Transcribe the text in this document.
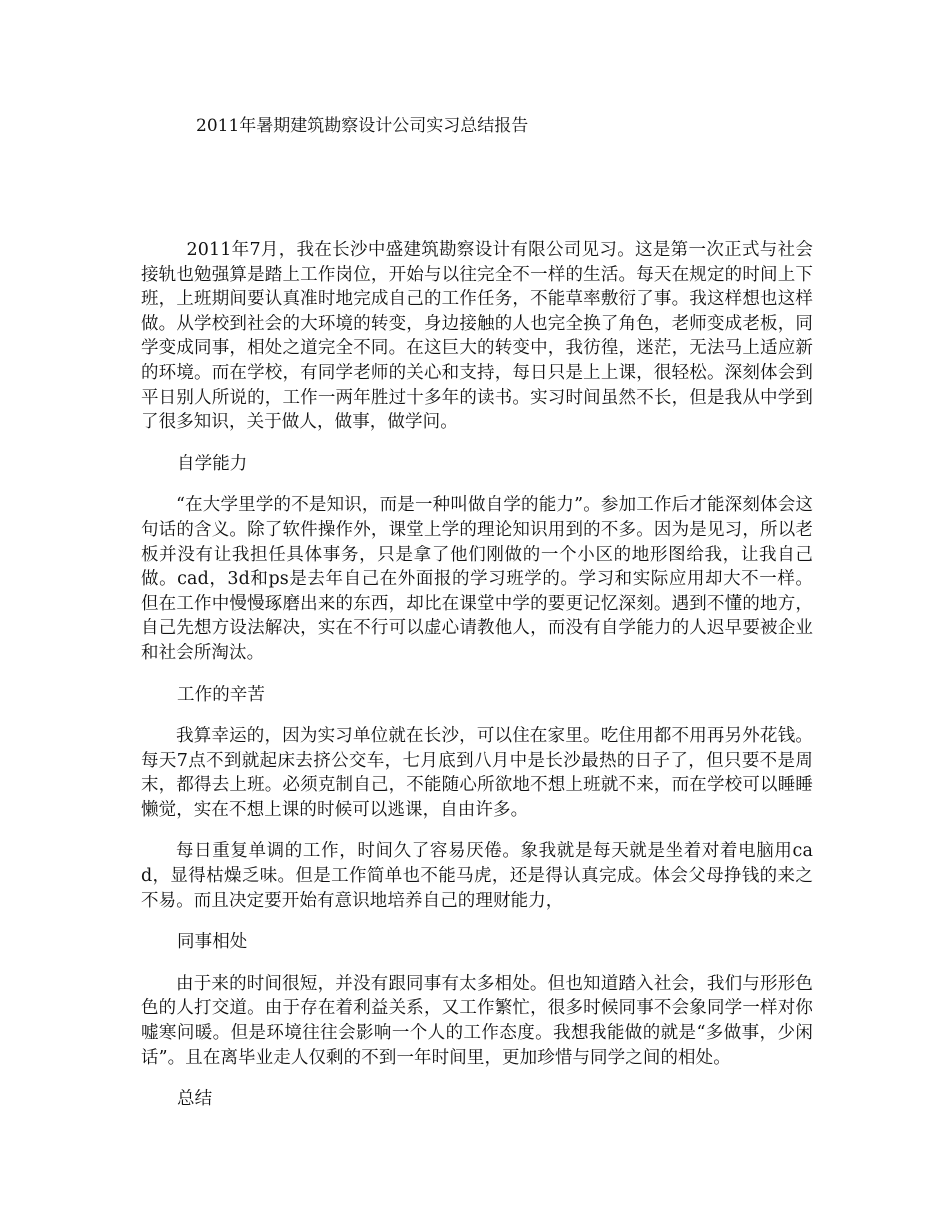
2011年暑期建筑勘察设计公司实习总结报告

2011年7月，我在长沙中盛建筑勘察设计有限公司见习。这是第一次正式与社会接轨也勉强算是踏上工作岗位，开始与以往完全不一样的生活。每天在规定的时间上下班，上班期间要认真准时地完成自己的工作任务，不能草率敷衍了事。我这样想也这样做。从学校到社会的大环境的转变，身边接触的人也完全换了角色，老师变成老板，同学变成同事，相处之道完全不同。在这巨大的转变中，我彷徨，迷茫，无法马上适应新的环境。而在学校，有同学老师的关心和支持，每日只是上上课，很轻松。深刻体会到平日别人所说的，工作一两年胜过十多年的读书。实习时间虽然不长，但是我从中学到了很多知识，关于做人，做事，做学问。

自学能力

“在大学里学的不是知识，而是一种叫做自学的能力”。参加工作后才能深刻体会这句话的含义。除了软件操作外，课堂上学的理论知识用到的不多。因为是见习，所以老板并没有让我担任具体事务，只是拿了他们刚做的一个小区的地形图给我，让我自己做。cad，3d和ps是去年自己在外面报的学习班学的。学习和实际应用却大不一样。但在工作中慢慢琢磨出来的东西，却比在课堂中学的要更记忆深刻。遇到不懂的地方，自己先想方设法解决，实在不行可以虚心请教他人，而没有自学能力的人迟早要被企业和社会所淘汰。

工作的辛苦

我算幸运的，因为实习单位就在长沙，可以住在家里。吃住用都不用再另外花钱。每天7点不到就起床去挤公交车，七月底到八月中是长沙最热的日子了，但只要不是周末，都得去上班。必须克制自己，不能随心所欲地不想上班就不来，而在学校可以睡睡懒觉，实在不想上课的时候可以逃课，自由许多。

每日重复单调的工作，时间久了容易厌倦。象我就是每天就是坐着对着电脑用cad，显得枯燥乏味。但是工作简单也不能马虎，还是得认真完成。体会父母挣钱的来之不易。而且决定要开始有意识地培养自己的理财能力，

同事相处

由于来的时间很短，并没有跟同事有太多相处。但也知道踏入社会，我们与形形色色的人打交道。由于存在着利益关系，又工作繁忙，很多时候同事不会象同学一样对你嘘寒问暖。但是环境往往会影响一个人的工作态度。我想我能做的就是“多做事，少闲话”。且在离毕业走人仅剩的不到一年时间里，更加珍惜与同学之间的相处。

总结
